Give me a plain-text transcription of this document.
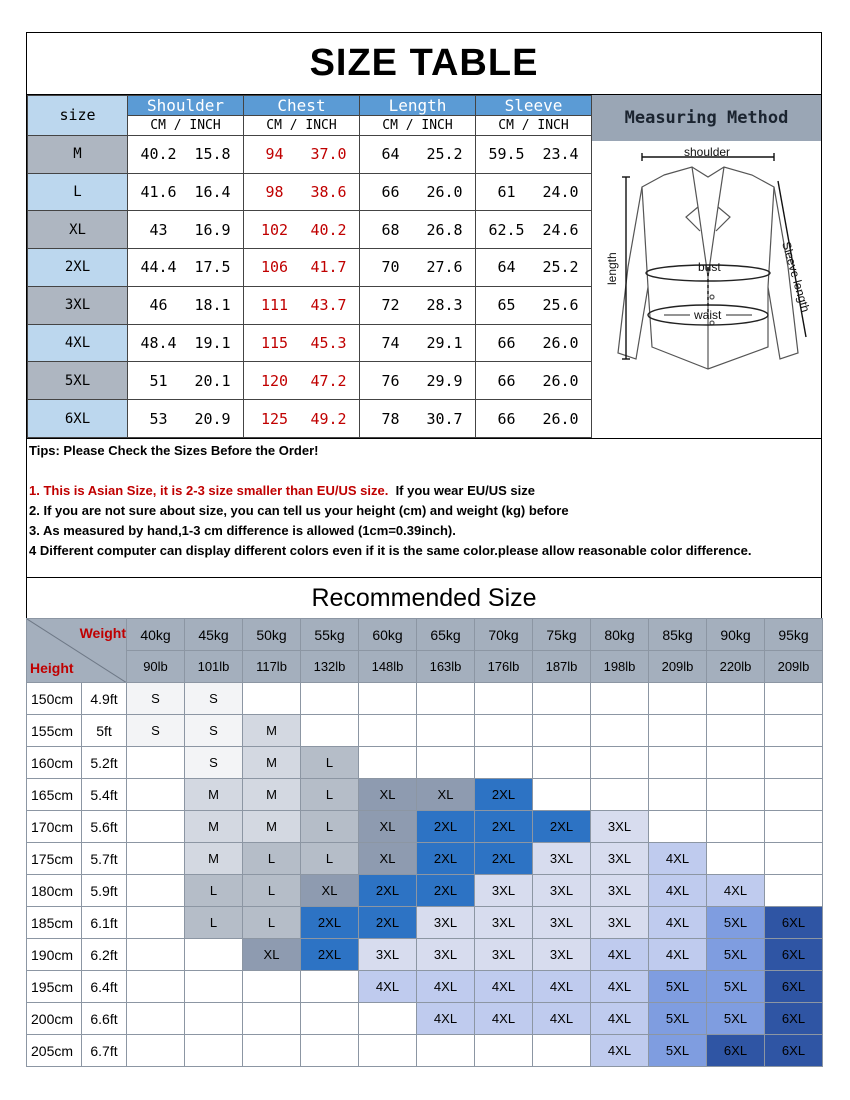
SIZE TABLE
size	Shoulder	Chest	Length	Sleeve
	CM / INCH	CM / INCH	CM / INCH	CM / INCH
M	40.2 15.8	94 37.0	64 25.2	59.5 23.4
L	41.6 16.4	98 38.6	66 26.0	61 24.0
XL	43 16.9	102 40.2	68 26.8	62.5 24.6
2XL	44.4 17.5	106 41.7	70 27.6	64 25.2
3XL	46 18.1	111 43.7	72 28.3	65 25.6
4XL	48.4 19.1	115 45.3	74 29.1	66 26.0
5XL	51 20.1	120 47.2	76 29.9	66 26.0
6XL	53 20.9	125 49.2	78 30.7	66 26.0
Measuring Method
shoulder
length	bust
waist
Sleeve length
Tips: Please Check the Sizes Before the Order!
1. This is Asian Size, it is 2-3 size smaller than EU/US size. If you wear EU/US size
2. If you are not sure about size, you can tell us your height (cm) and weight (kg) before
3. As measured by hand,1-3 cm difference is allowed (1cm=0.39inch).
4 Different computer can display different colors even if it is the same color.please allow reasonable color difference.
Recommended Size
Weight
Height		40kg	45kg	50kg	55kg	60kg	65kg	70kg	75kg	80kg	85kg	90kg	95kg
		90lb	101lb	117lb	132lb	148lb	163lb	176lb	187lb	198lb	209lb	220lb	209lb
150cm	4.9ft	S	S										
155cm	5ft	S	S	M									
160cm	5.2ft		S	M	L								
165cm	5.4ft		M	M	L	XL	XL	2XL					
170cm	5.6ft		M	M	L	XL	2XL	2XL	2XL	3XL			
175cm	5.7ft		M	L	L	XL	2XL	2XL	3XL	3XL	4XL		
180cm	5.9ft		L	L	XL	2XL	2XL	3XL	3XL	3XL	4XL	4XL	
185cm	6.1ft		L	L	2XL	2XL	3XL	3XL	3XL	3XL	4XL	5XL	6XL
190cm	6.2ft			XL	2XL	3XL	3XL	3XL	3XL	4XL	4XL	5XL	6XL
195cm	6.4ft					4XL	4XL	4XL	4XL	4XL	5XL	5XL	6XL
200cm	6.6ft						4XL	4XL	4XL	4XL	5XL	5XL	6XL
205cm	6.7ft									4XL	5XL	6XL	6XL
